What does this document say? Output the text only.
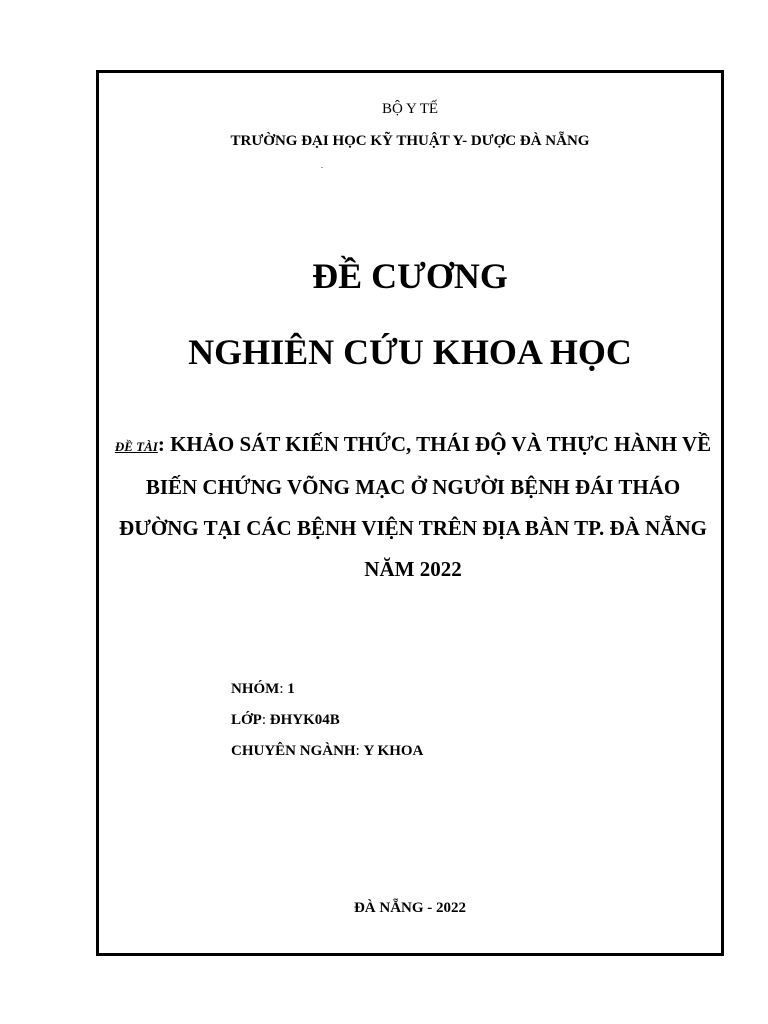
BỘ Y TẾ
TRƯỜNG ĐẠI HỌC KỸ THUẬT Y- DƯỢC ĐÀ NẴNG
.
ĐỀ CƯƠNG
NGHIÊN CỨU KHOA HỌC
ĐỀ TÀI: KHẢO SÁT KIẾN THỨC, THÁI ĐỘ VÀ THỰC HÀNH VỀ BIẾN CHỨNG VÕNG MẠC Ở NGƯỜI BỆNH ĐÁI THÁO ĐƯỜNG TẠI CÁC BỆNH VIỆN TRÊN ĐỊA BÀN TP. ĐÀ NẴNG NĂM 2022
NHÓM: 1
LỚP: ĐHYK04B
CHUYÊN NGÀNH: Y KHOA
ĐÀ NẴNG - 2022
